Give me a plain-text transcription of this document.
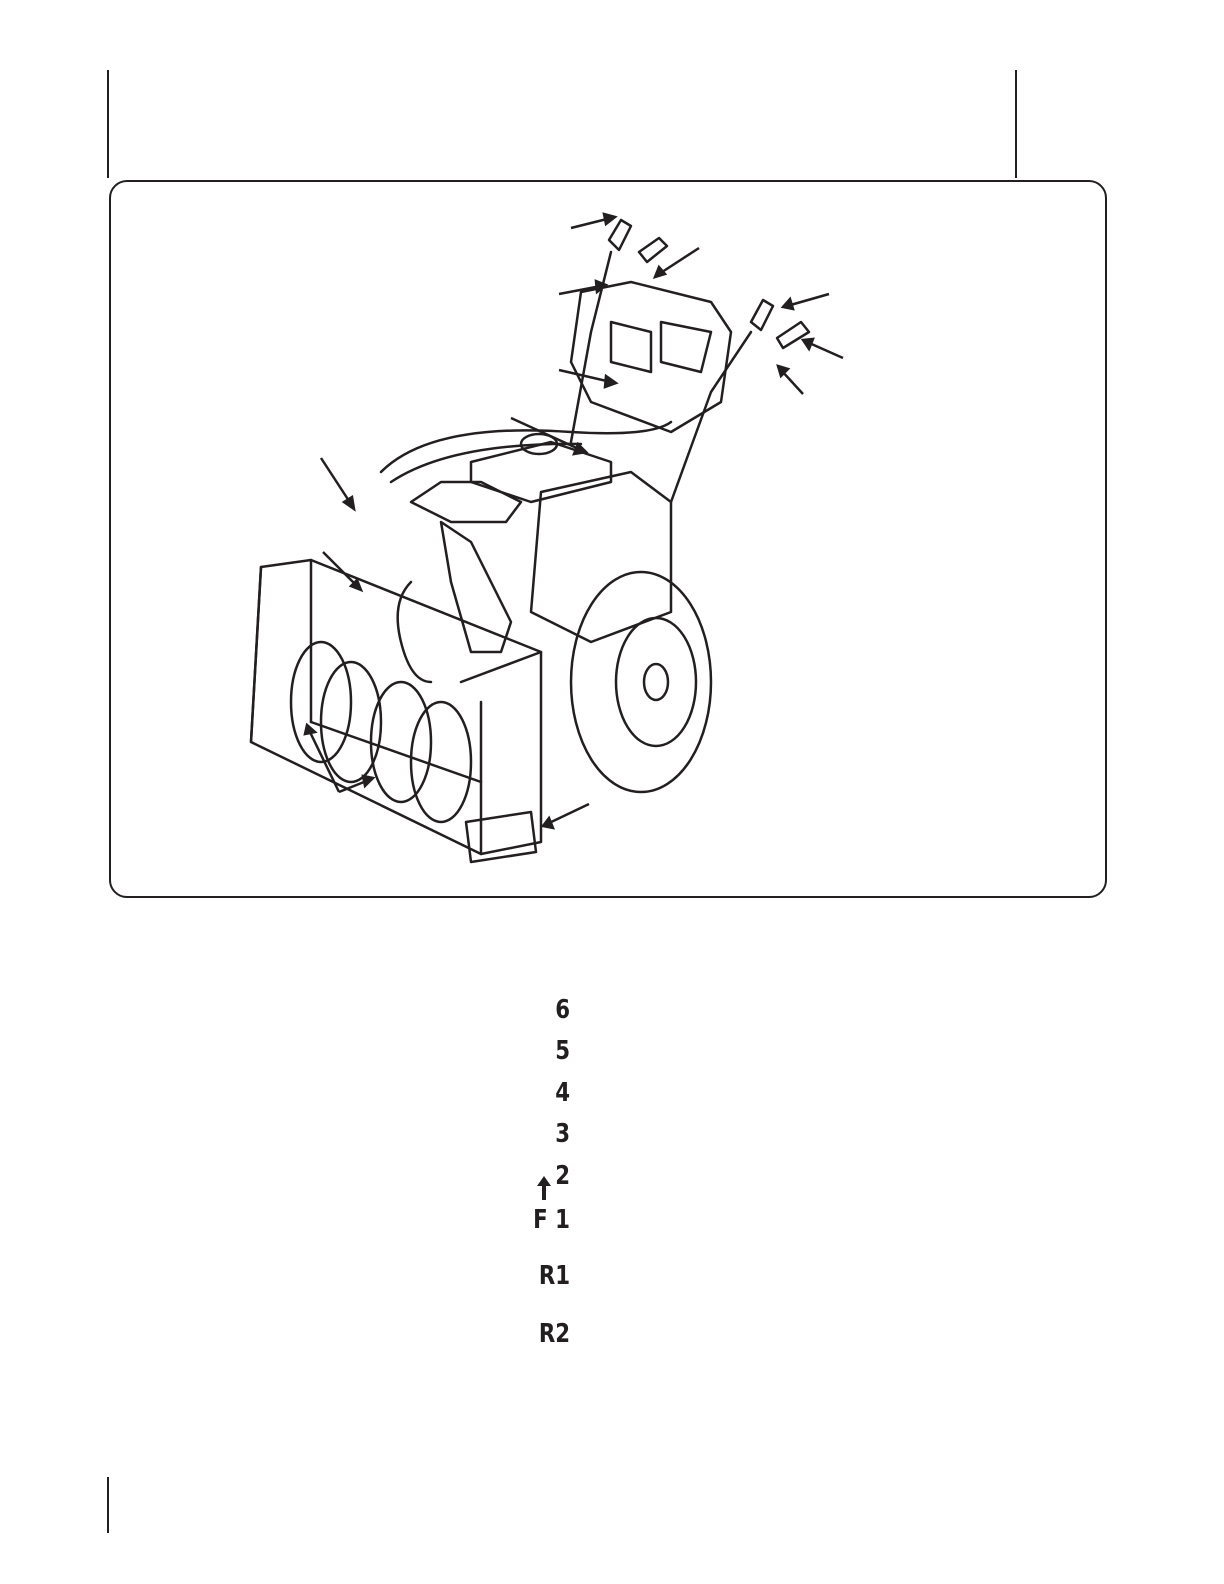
6
5
4
3
2
F 1
R1
R2
